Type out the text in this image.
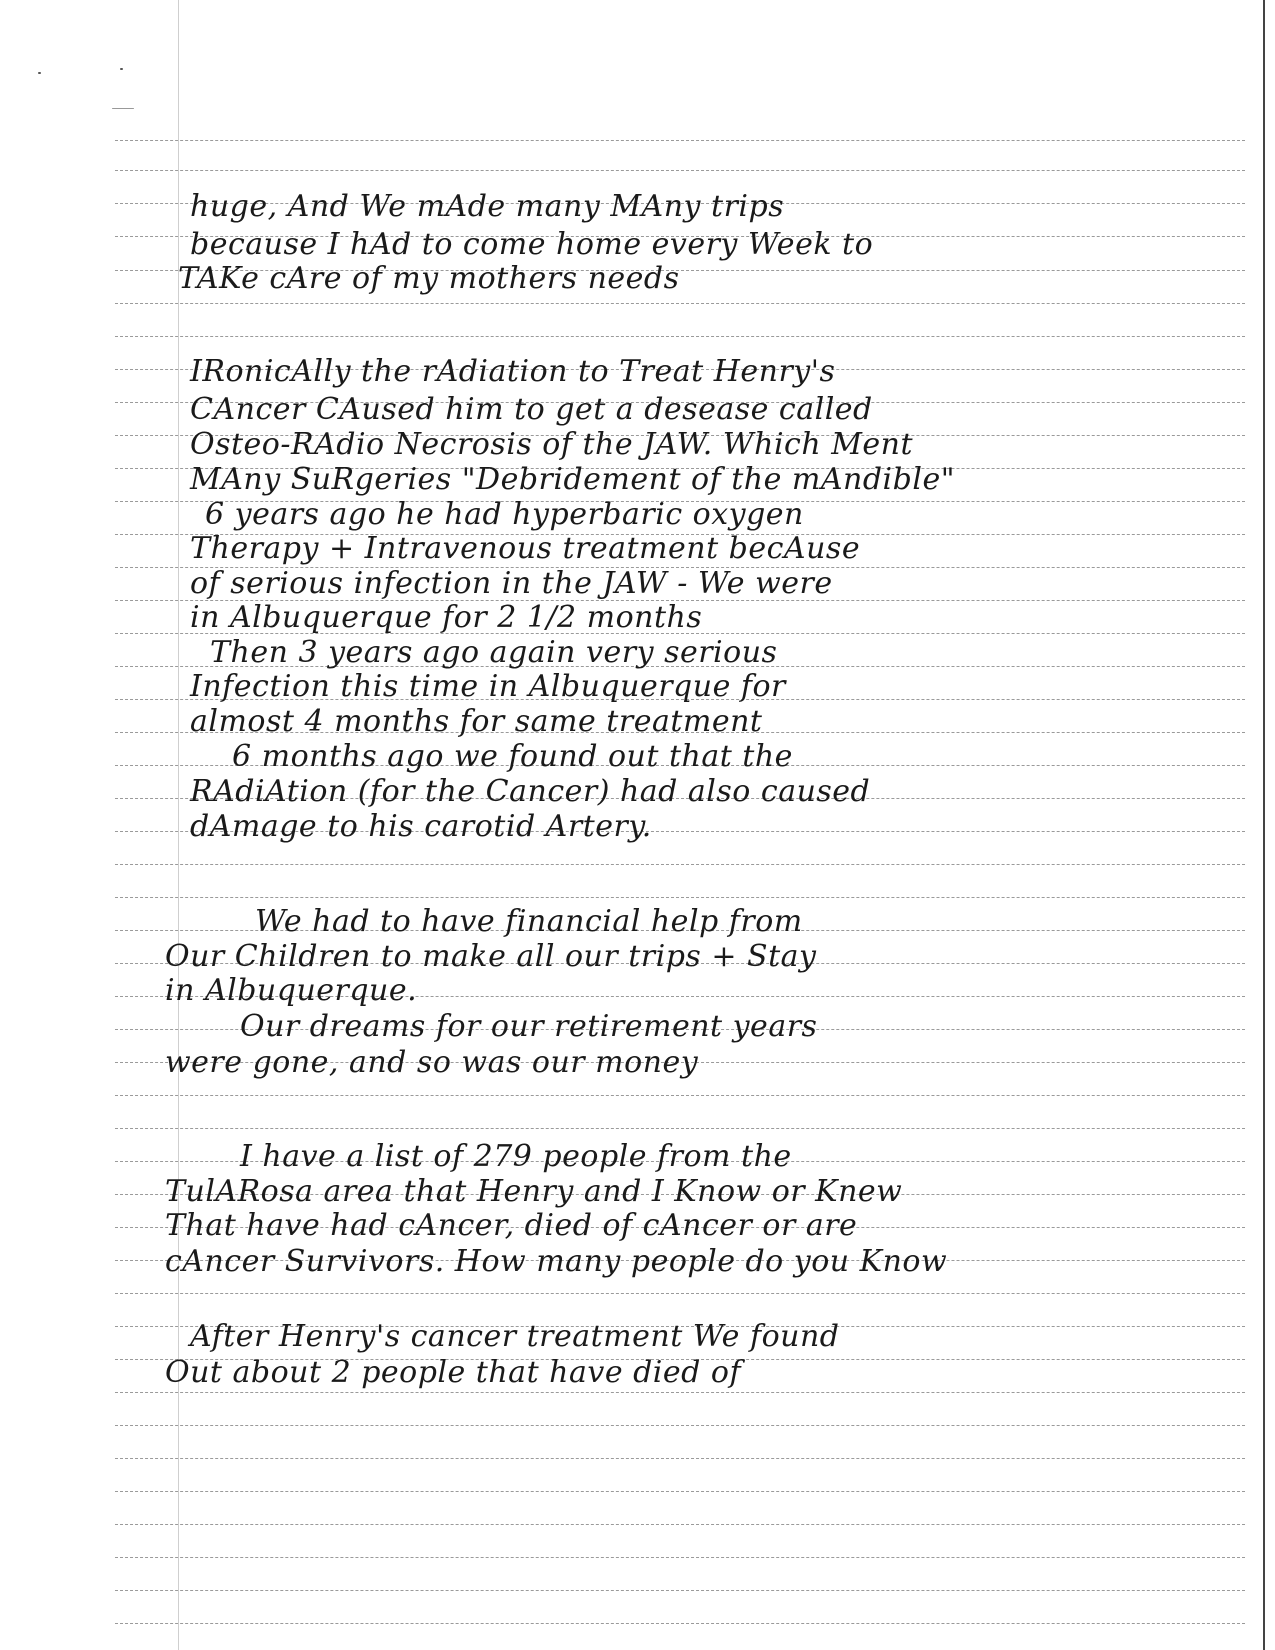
huge, And We mAde many MAny trips
because I hAd to come home every Week to
TAKe cAre of my mothers needs
IRonicAlly the rAdiation to Treat Henry's
CAncer CAused him to get a desease called
Osteo-RAdio Necrosis of the JAW. Which Ment
MAny SuRgeries "Debridement of the mAndible"
6 years ago he had hyperbaric oxygen
Therapy + Intravenous treatment becAuse
of serious infection in the JAW - We were
in Albuquerque for 2 1/2 months
Then 3 years ago again very serious
Infection this time in Albuquerque for
almost 4 months for same treatment
6 months ago we found out that the
RAdiAtion (for the Cancer) had also caused
dAmage to his carotid Artery.
We had to have financial help from
Our Children to make all our trips + Stay
in Albuquerque.
Our dreams for our retirement years
were gone, and so was our money
I have a list of 279 people from the
TulARosa area that Henry and I Know or Knew
That have had cAncer, died of cAncer or are
cAncer Survivors. How many people do you Know
After Henry's cancer treatment We found
Out about 2 people that have died of
